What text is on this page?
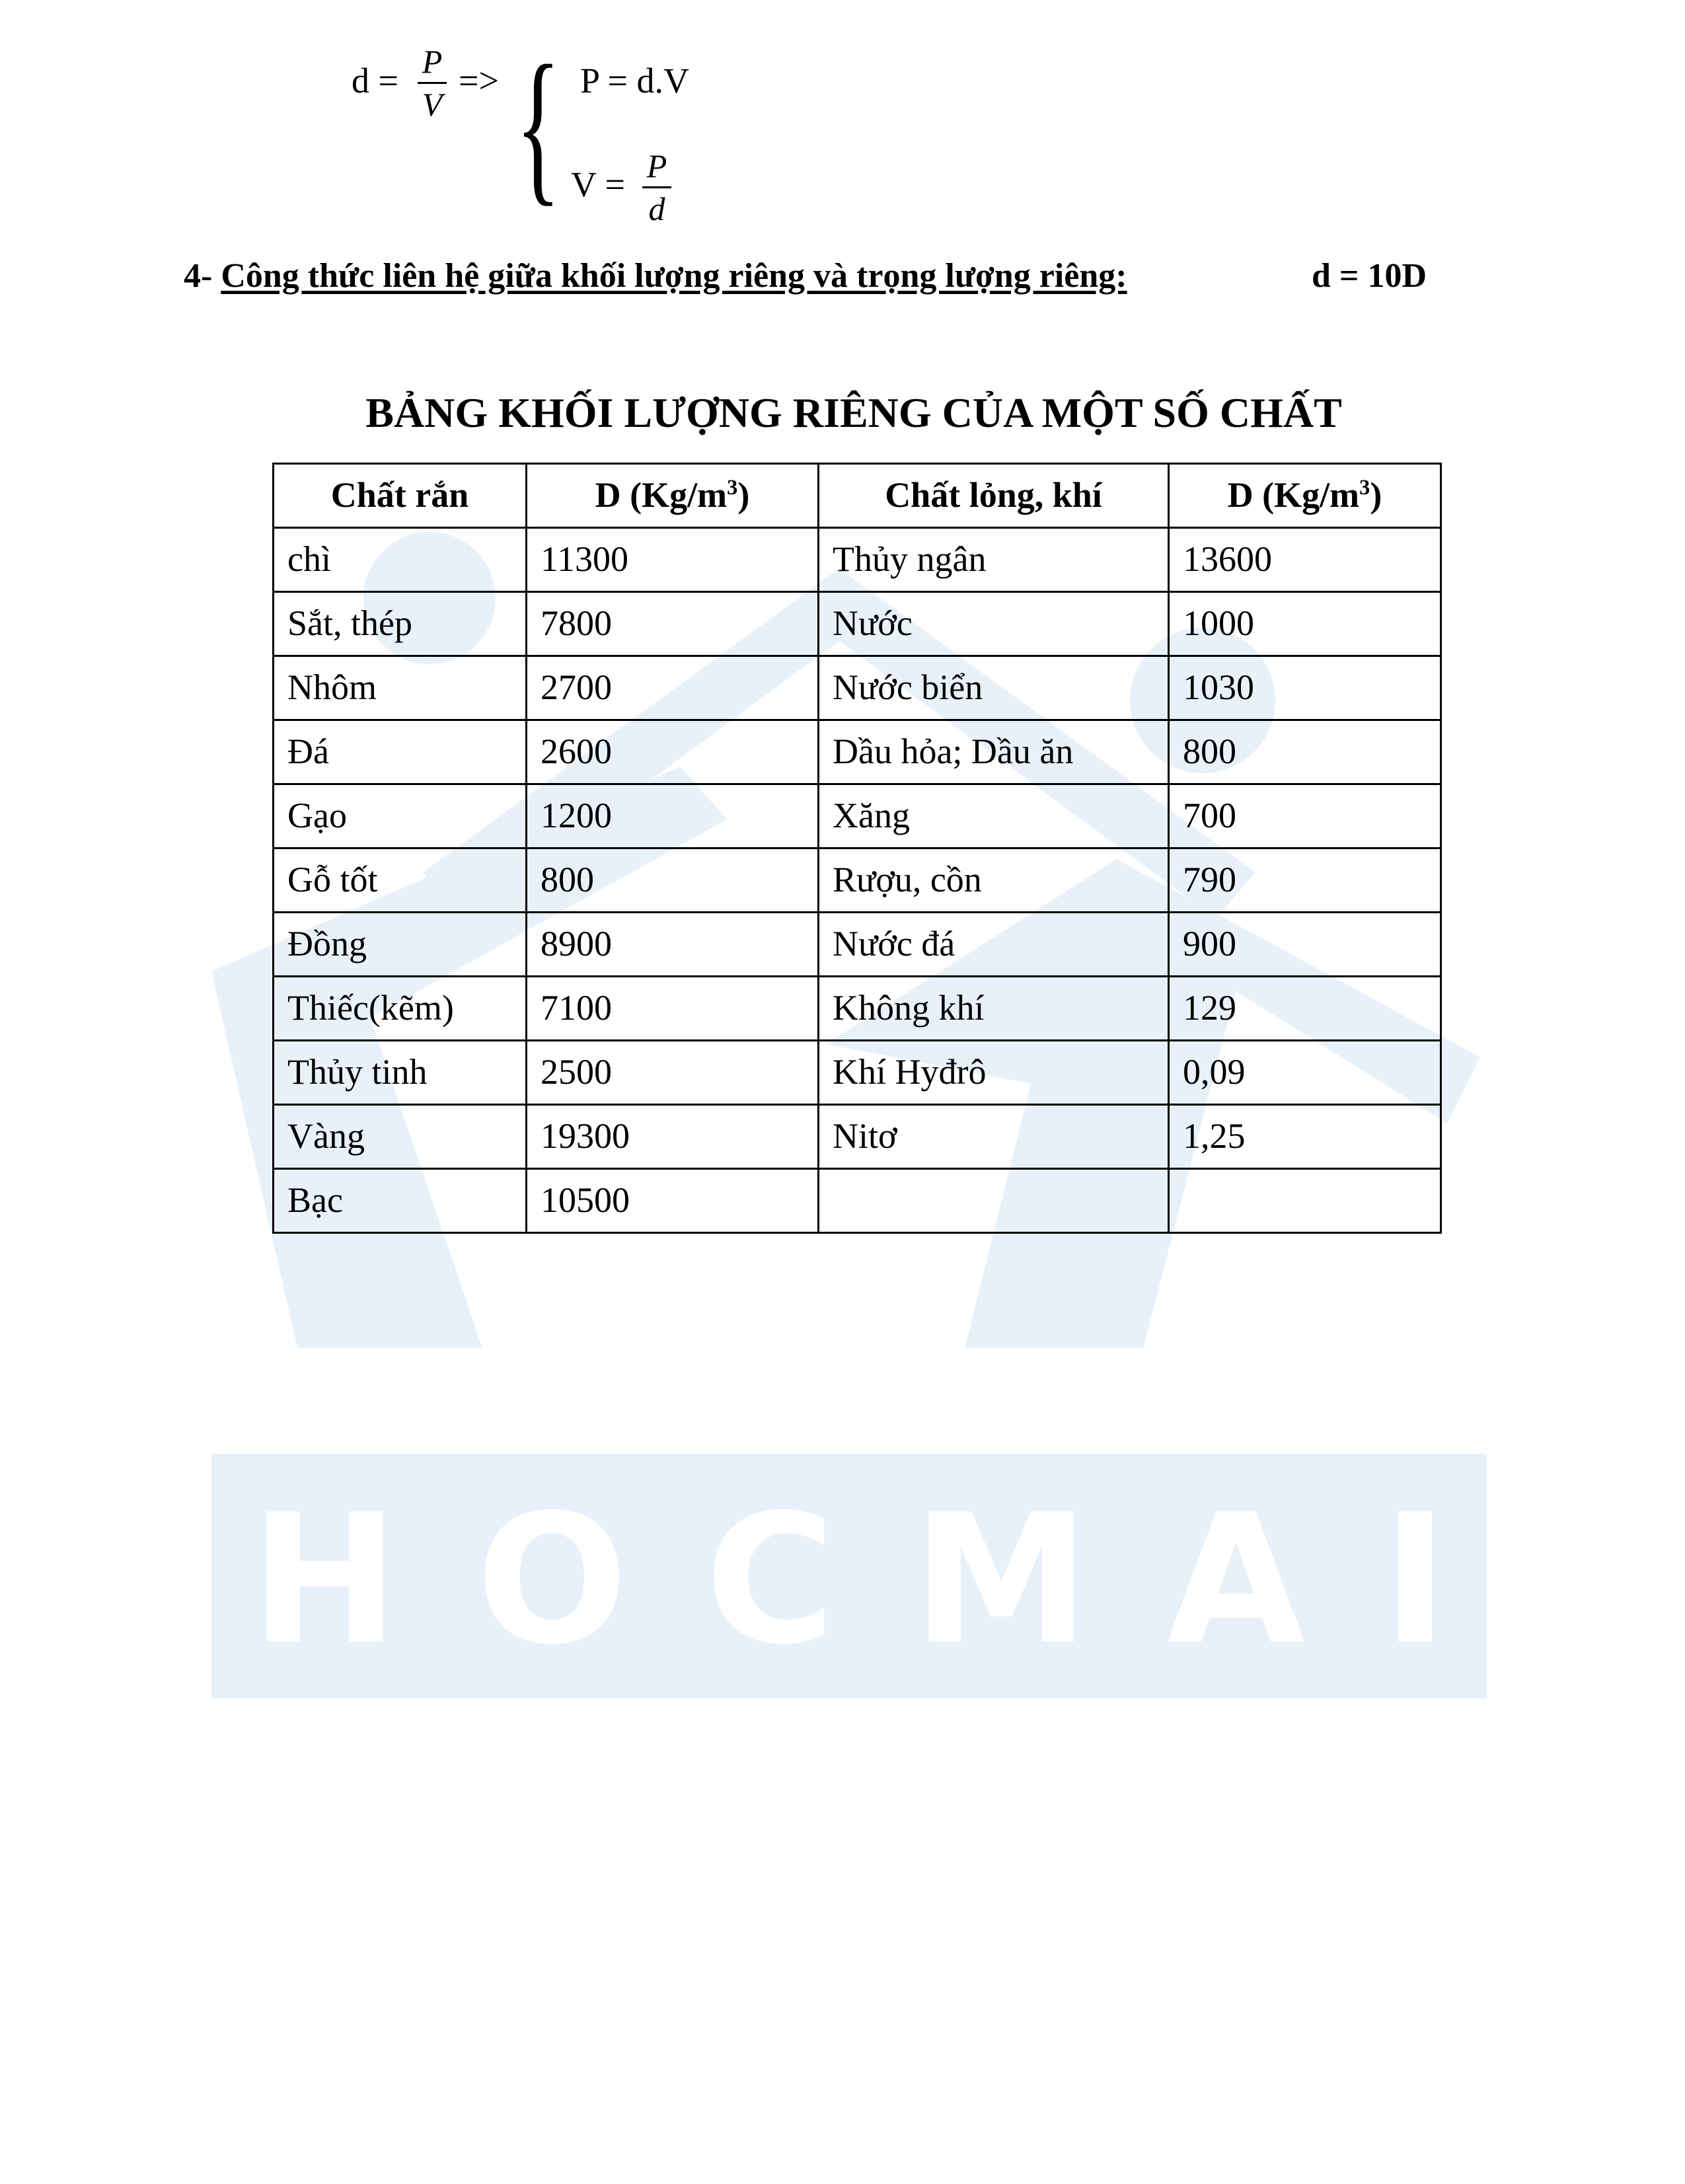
H O C M A I
d = P
V
=> { P = d.V
V = P
d
4- Công thức liên hệ giữa khối lượng riêng và trọng lượng riêng:	d = 10D
BẢNG KHỐI LƯỢNG RIÊNG CỦA MỘT SỐ CHẤT
Chất rắn	D $(Kg/m^3)$	Chất lỏng, khí	D $(Kg/m^3)$
chì	11300	Thủy ngân	13600
Sắt, thép	7800	Nước	1000
Nhôm	2700	Nước biển	1030
Đá	2600	Dầu hỏa; Dầu ăn	800
Gạo	1200	Xăng	700
Gỗ tốt	800	Rượu, cồn	790
Đồng	8900	Nước đá	900
Thiếc(kẽm)	7100	Không khí	129
Thủy tinh	2500	Khí Hyđrô	0,09
Vàng	19300	Nitơ	1,25
Bạc	10500		
